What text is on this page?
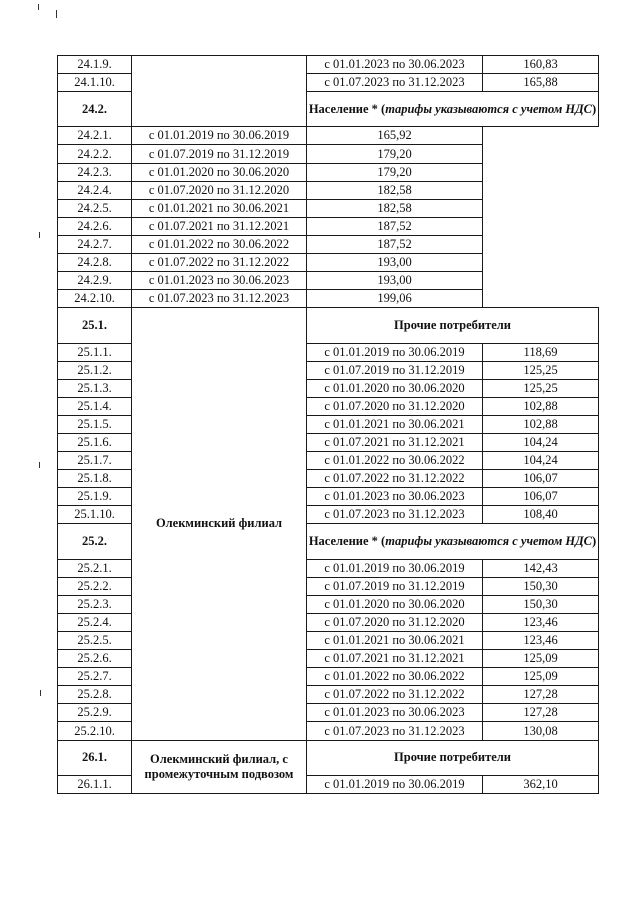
24.1.9.		с 01.01.2023 по 30.06.2023	160,83
24.1.10.		с 01.07.2023 по 31.12.2023	165,88
24.2.		Население * (тарифы указываются с учетом НДС)	
24.2.1.	с 01.01.2019 по 30.06.2019	165,92	
24.2.2.	с 01.07.2019 по 31.12.2019	179,20	
24.2.3.	с 01.01.2020 по 30.06.2020	179,20	
24.2.4.	с 01.07.2020 по 31.12.2020	182,58	
24.2.5.	с 01.01.2021 по 30.06.2021	182,58	
24.2.6.	с 01.07.2021 по 31.12.2021	187,52	
24.2.7.	с 01.01.2022 по 30.06.2022	187,52	
24.2.8.	с 01.07.2022 по 31.12.2022	193,00	
24.2.9.	с 01.01.2023 по 30.06.2023	193,00	
24.2.10.	с 01.07.2023 по 31.12.2023	199,06	
25.1.	Олекминский филиал	Прочие потребители	
25.1.1.		с 01.01.2019 по 30.06.2019	118,69
25.1.2.		с 01.07.2019 по 31.12.2019	125,25
25.1.3.		с 01.01.2020 по 30.06.2020	125,25
25.1.4.		с 01.07.2020 по 31.12.2020	102,88
25.1.5.		с 01.01.2021 по 30.06.2021	102,88
25.1.6.		с 01.07.2021 по 31.12.2021	104,24
25.1.7.		с 01.01.2022 по 30.06.2022	104,24
25.1.8.		с 01.07.2022 по 31.12.2022	106,07
25.1.9.		с 01.01.2023 по 30.06.2023	106,07
25.1.10.		с 01.07.2023 по 31.12.2023	108,40
25.2.		Население * (тарифы указываются с учетом НДС)	
25.2.1.		с 01.01.2019 по 30.06.2019	142,43
25.2.2.		с 01.07.2019 по 31.12.2019	150,30
25.2.3.		с 01.01.2020 по 30.06.2020	150,30
25.2.4.		с 01.07.2020 по 31.12.2020	123,46
25.2.5.		с 01.01.2021 по 30.06.2021	123,46
25.2.6.		с 01.07.2021 по 31.12.2021	125,09
25.2.7.		с 01.01.2022 по 30.06.2022	125,09
25.2.8.		с 01.07.2022 по 31.12.2022	127,28
25.2.9.		с 01.01.2023 по 30.06.2023	127,28
25.2.10.		с 01.07.2023 по 31.12.2023	130,08
26.1.	Олекминский филиал, с промежуточным подвозом	Прочие потребители	
26.1.1.		с 01.01.2019 по 30.06.2019	362,10
